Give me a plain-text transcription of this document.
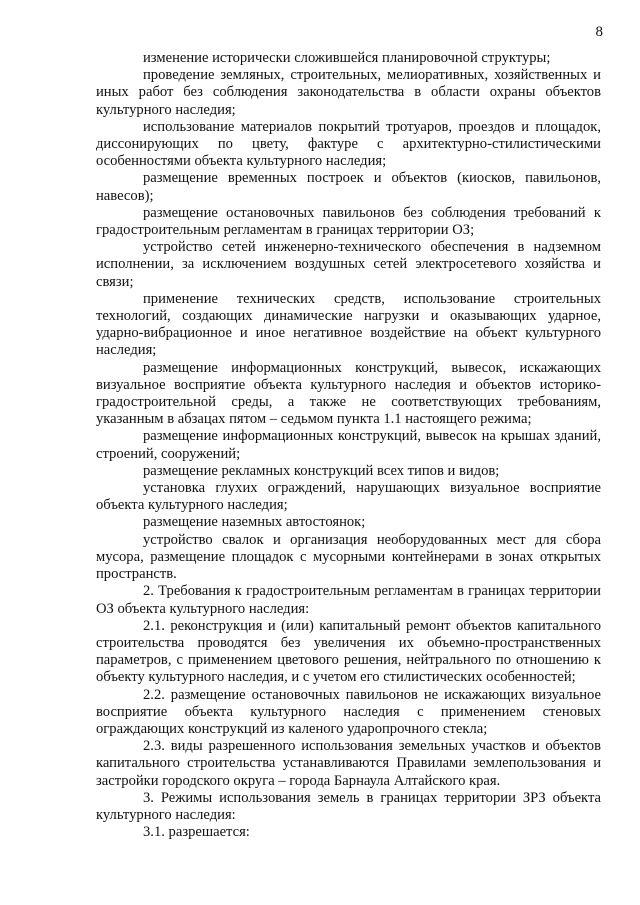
8

изменение исторически сложившейся планировочной структуры;

проведение земляных, строительных, мелиоративных, хозяйственных и иных работ без соблюдения законодательства в области охраны объектов культурного наследия;

использование материалов покрытий тротуаров, проездов и площадок, диссонирующих по цвету, фактуре с архитектурно-стилистическими особенностями объекта культурного наследия;

размещение временных построек и объектов (киосков, павильонов, навесов);

размещение остановочных павильонов без соблюдения требований к градостроительным регламентам в границах территории ОЗ;

устройство сетей инженерно-технического обеспечения в надземном исполнении, за исключением воздушных сетей электросетевого хозяйства и связи;

применение технических средств, использование строительных технологий, создающих динамические нагрузки и оказывающих ударное, ударно-вибрационное и иное негативное воздействие на объект культурного наследия;

размещение информационных конструкций, вывесок, искажающих визуальное восприятие объекта культурного наследия и объектов историко-градостроительной среды, а также не соответствующих требованиям, указанным в абзацах пятом – седьмом пункта 1.1 настоящего режима;

размещение информационных конструкций, вывесок на крышах зданий, строений, сооружений;

размещение рекламных конструкций всех типов и видов;

установка глухих ограждений, нарушающих визуальное восприятие объекта культурного наследия;

размещение наземных автостоянок;

устройство свалок и организация необорудованных мест для сбора мусора, размещение площадок с мусорными контейнерами в зонах открытых пространств.

2. Требования к градостроительным регламентам в границах территории ОЗ объекта культурного наследия:

2.1. реконструкция и (или) капитальный ремонт объектов капитального строительства проводятся без увеличения их объемно-пространственных параметров, с применением цветового решения, нейтрального по отношению к объекту культурного наследия, и с учетом его стилистических особенностей;

2.2. размещение остановочных павильонов не искажающих визуальное восприятие объекта культурного наследия с применением стеновых ограждающих конструкций из каленого ударопрочного стекла;

2.3. виды разрешенного использования земельных участков и объектов капитального строительства устанавливаются Правилами землепользования и застройки городского округа – города Барнаула Алтайского края.

3. Режимы использования земель в границах территории ЗРЗ объекта культурного наследия:

3.1. разрешается:
